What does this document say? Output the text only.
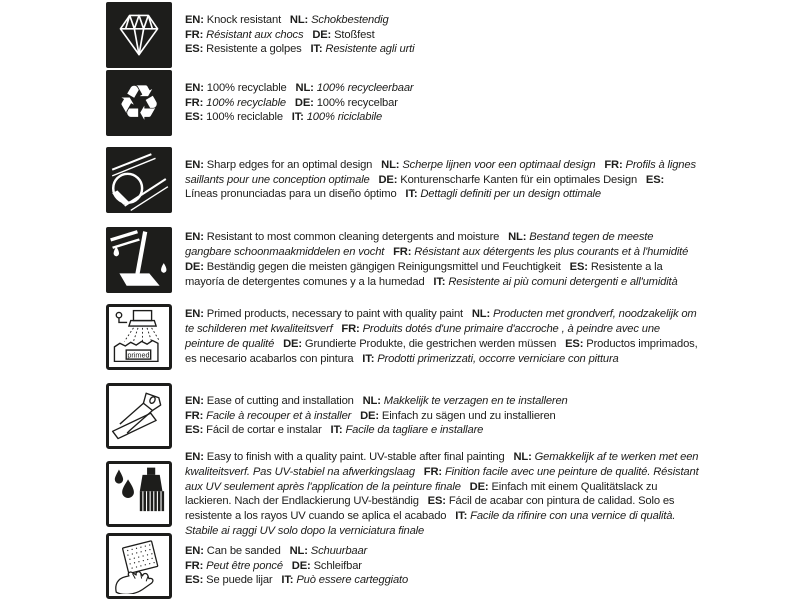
EN: Knock resistant NL: Schokbestendig
FR: Résistant aux chocs DE: Stoßfest
ES: Resistente a golpes IT: Resistente agli urti
♻ EN: 100% recyclable NL: 100% recycleerbaar
FR: 100% recyclable DE: 100% recycelbar
ES: 100% reciclable IT: 100% riciclabile
EN: Sharp edges for an optimal design NL: Scherpe lijnen voor een optimaal design FR: Profils à lignes saillants pour une conception optimale DE: Konturenscharfe Kanten für ein optimales Design ES: Líneas pronunciadas para un diseño óptimo IT: Dettagli definiti per un design ottimale
EN: Resistant to most common cleaning detergents and moisture NL: Bestand tegen de meeste gangbare schoonmaakmiddelen en vocht FR: Résistant aux détergents les plus courants et à l'humidité   DE: Beständig gegen die meisten gängigen Reinigungsmittel und Feuchtigkeit ES: Resistente a la mayoría de detergentes comunes y a la humedad IT: Resistente ai più comuni detergenti e all'umidità
primed
EN: Primed products, necessary to paint with quality paint NL: Producten met grondverf, noodzakelijk om te schilderen met kwaliteitsverf FR: Produits dotés d'une primaire d'accroche , à peindre avec une peinture de qualité DE: Grundierte Produkte, die gestrichen werden müssen ES: Productos imprimados, es necesario acabarlos con pintura IT: Prodotti primerizzati, occorre verniciare con pittura
EN: Ease of cutting and installation NL: Makkelijk te verzagen en te installeren
FR: Facile à recouper et à installer DE: Einfach zu sägen und zu installieren
ES: Fácil de cortar e instalar IT: Facile da tagliare e installare
EN: Easy to finish with a quality paint. UV-stable after final painting NL: Gemakkelijk af te werken met een kwaliteitsverf. Pas UV-stabiel na afwerkingslaag FR: Finition facile avec une peinture de qualité. Résistant aux UV seulement après l'application de la peinture finale DE: Einfach mit einem Qualitätslack zu lackieren. Nach der Endlackierung UV-beständig ES: Fácil de acabar con pintura de calidad. Solo es resistente a los rayos UV cuando se aplica el acabado IT: Facile da rifinire con una vernice di qualità. Stabile ai raggi UV solo dopo la verniciatura finale
EN: Can be sanded NL: Schuurbaar
FR: Peut être poncé DE: Schleifbar
ES: Se puede lijar IT: Può essere carteggiato
